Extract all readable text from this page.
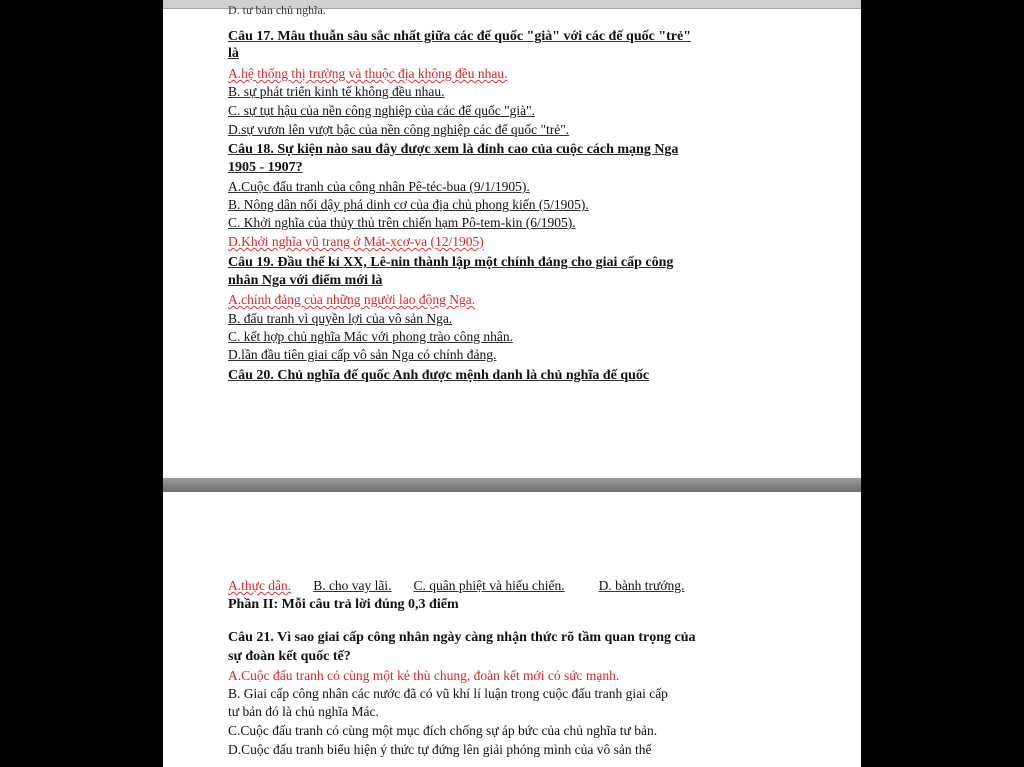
D. tư bản chủ nghĩa.
Câu 17. Mâu thuẫn sâu sắc nhất giữa các đế quốc "già" với các đế quốc "trẻ"
là
A.hệ thống thị trường và thuộc địa không đều nhau.
B. sự phát triển kinh tế không đều nhau.
C. sự tụt hậu của nền công nghiệp của các đế quốc "già".
D.sự vươn lên vượt bậc của nền công nghiệp các đế quốc "trẻ".
Câu 18. Sự kiện nào sau đây được xem là đỉnh cao của cuộc cách mạng Nga
1905 - 1907?
A.Cuộc đấu tranh của công nhân Pê-téc-bua (9/1/1905).
B. Nông dân nổi dậy phá dinh cơ của địa chủ phong kiến (5/1905).
C. Khởi nghĩa của thủy thủ trên chiến hạm Pô-tem-kin (6/1905).
D.Khởi nghĩa vũ trang ở Mát-xcơ-va (12/1905)
Câu 19. Đầu thế kỉ XX, Lê-nin thành lập một chính đảng cho giai cấp công
nhân Nga với điểm mới là
A.chính đảng của những người lao động Nga.
B. đấu tranh vì quyền lợi của vô sản Nga.
C. kết hợp chủ nghĩa Mác với phong trào công nhân.
D.lần đầu tiên giai cấp vô sản Nga có chính đảng.
Câu 20. Chủ nghĩa đế quốc Anh được mệnh danh là chủ nghĩa đế quốc
A.thực dân. B. cho vay lãi. C. quân phiệt và hiếu chiến.	D. bành trướng.
Phần II: Mỗi câu trả lời đúng 0,3 điểm
Câu 21. Vì sao giai cấp công nhân ngày càng nhận thức rõ tầm quan trọng của
sự đoàn kết quốc tế?
A.Cuộc đấu tranh có cùng một kẻ thù chung, đoàn kết mới có sức mạnh.
B. Giai cấp công nhân các nước đã có vũ khí lí luận trong cuộc đấu tranh giai cấp
tư bản đó là chủ nghĩa Mác.
C.Cuộc đấu tranh có cùng một mục đích chống sự áp bức của chủ nghĩa tư bản.
D.Cuộc đấu tranh biểu hiện ý thức tự đứng lên giải phóng mình của vô sản thế
